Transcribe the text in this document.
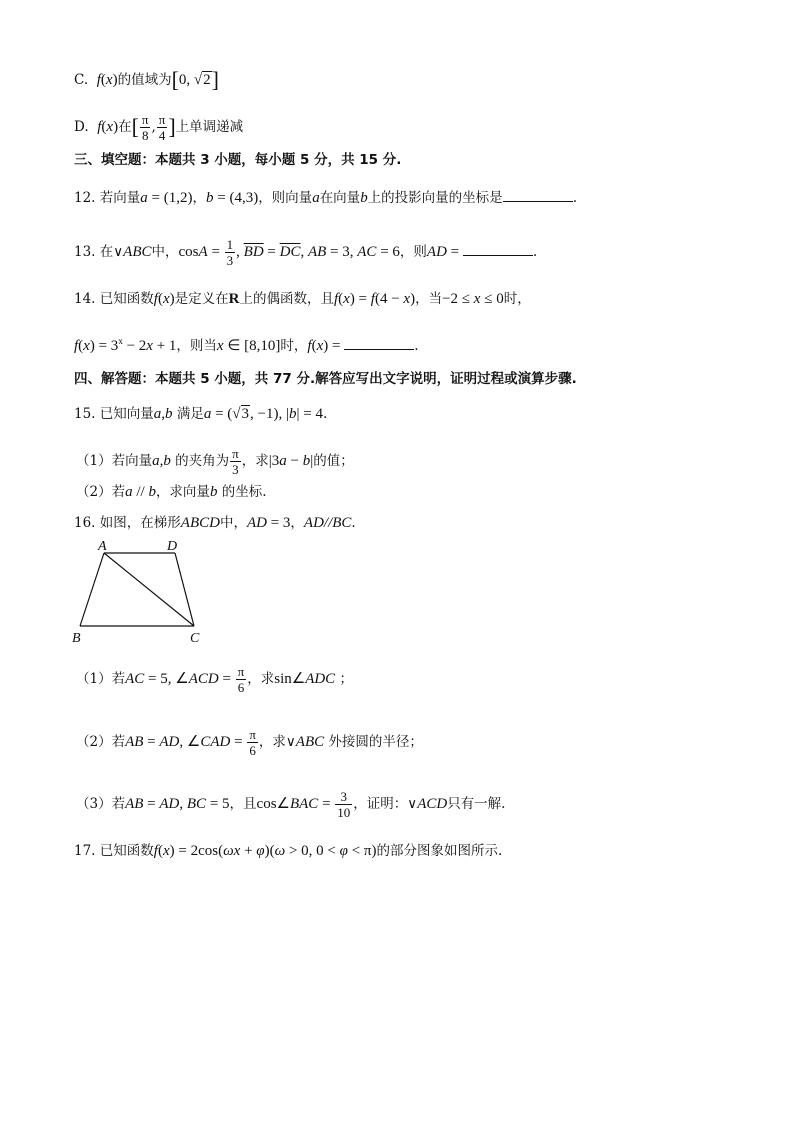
C. f(x)的值域为[0, √2]
D. f(x)在[ $\frac{\pi}{8}$ , $\frac{\pi}{4}$ ]上单调递减
三、填空题：本题共 3 小题，每小题 5 分，共 15 分.
12. 若向量a = (1,2)，b = (4,3)，则向量a在向量b上的投影向量的坐标是	.
13. 在∨ABC中，$\cos A = \frac{1}{3}$ , $\overline{BD} = \overline{DC}$, AB = 3, AC = 6，则AD =	.
14. 已知函数f(x)是定义在R上的偶函数，且f(x) = f(4 − x)，当−2 ≤ x ≤ 0时，
$f(x) = 3^x - 2x + 1$，则当x ∈ [8,10]时，f(x) =	.
四、解答题：本题共 5 小题，共 77 分.解答应写出文字说明，证明过程或演算步骤.
15. 已知向量a,b 满足a = (√3, −1), |b| = 4.
（1）若向量a,b 的夹角为 $\frac{\pi}{3}$ ，求|3a − b|的值；
（2）若a // b，求向量b 的坐标.
16. 如图，在梯形ABCD中，AD = 3，AD//BC.
A	D
B	C
（1）若AC = 5, ∠ACD = $\frac{\pi}{6}$ ，求sin∠ADC ；
（2）若AB = AD, ∠CAD = $\frac{\pi}{6}$ ，求∨ABC 外接圆的半径；
（3）若AB = AD, BC = 5，且cos∠BAC = $\frac{3}{10}$ ，证明：∨ACD只有一解.
17. 已知函数f(x) = 2cos(ωx + φ)(ω > 0, 0 < φ < π)的部分图象如图所示.
